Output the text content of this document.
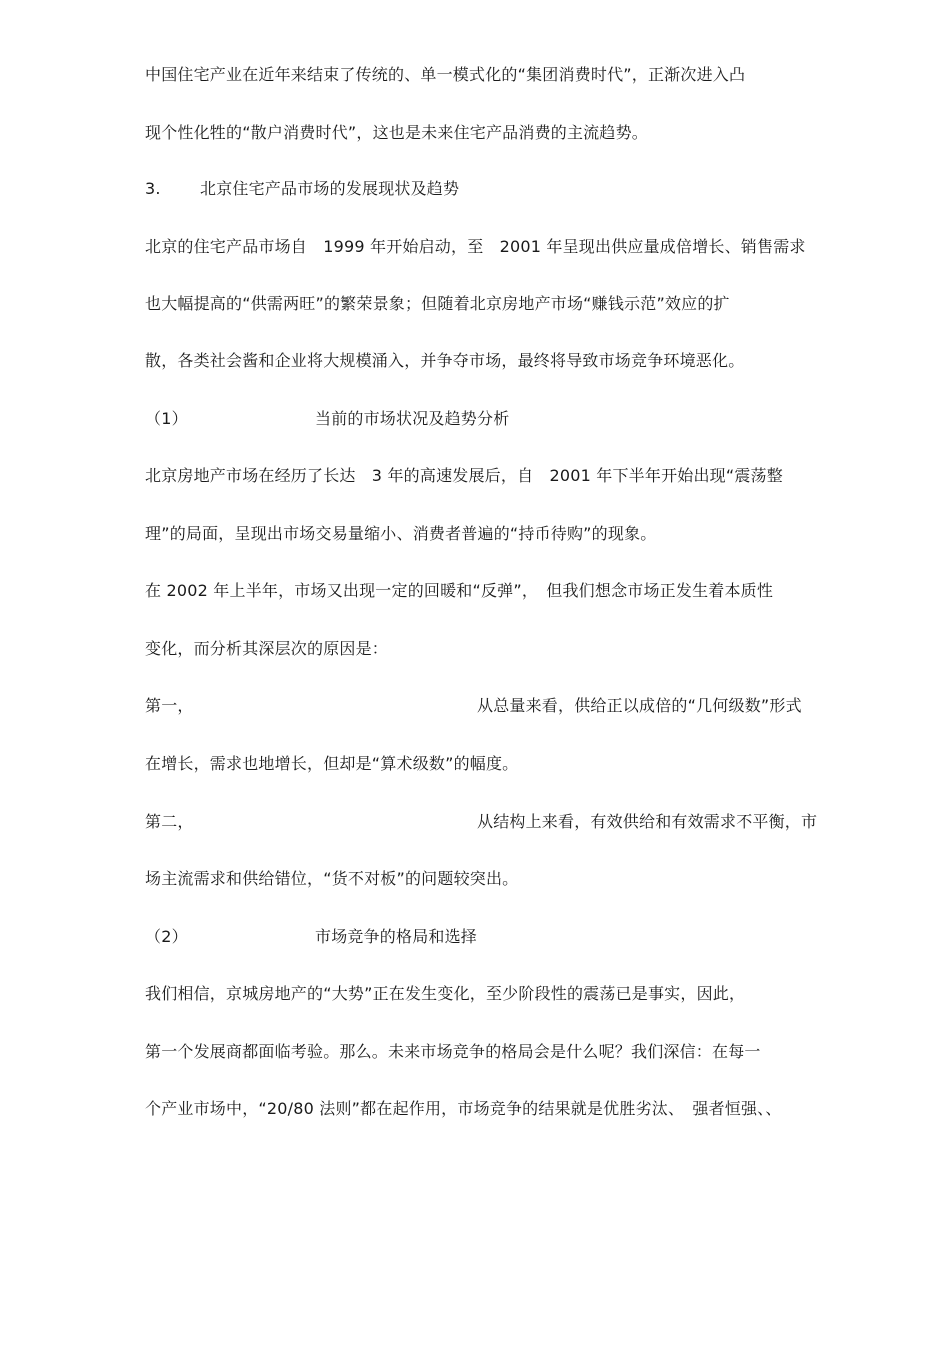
中国住宅产业在近年来结束了传统的、单一模式化的“集团消费时代”，正渐次进入凸
现个性化牲的“散户消费时代”，这也是未来住宅产品消费的主流趋势。
3. 北京住宅产品市场的发展现状及趋势
北京的住宅产品市场自　1999 年开始启动，至　2001 年呈现出供应量成倍增长、销售需求
也大幅提高的“供需两旺”的繁荣景象；但随着北京房地产市场“赚钱示范”效应的扩
散，各类社会酱和企业将大规模涌入，并争夺市场，最终将导致市场竞争环境恶化。
（1）	当前的市场状况及趋势分析
北京房地产市场在经历了长达　3 年的高速发展后，自　2001 年下半年开始出现“震荡整
理”的局面，呈现出市场交易量缩小、消费者普遍的“持币待购”的现象。
在 2002 年上半年，市场又出现一定的回暖和“反弹”，　但我们想念市场正发生着本质性
变化，而分析其深层次的原因是：
第一，	从总量来看，供给正以成倍的“几何级数”形式
在增长，需求也地增长，但却是“算术级数”的幅度。
第二，	从结构上来看，有效供给和有效需求不平衡，市
场主流需求和供给错位，“货不对板”的问题较突出。
（2）	市场竞争的格局和选择
我们相信，京城房地产的“大势”正在发生变化，至少阶段性的震荡已是事实，因此，
第一个发展商都面临考验。那么。未来市场竞争的格局会是什么呢？我们深信：在每一
个产业市场中，“20/80 法则”都在起作用，市场竞争的结果就是优胜劣汰、　强者恒强、、
